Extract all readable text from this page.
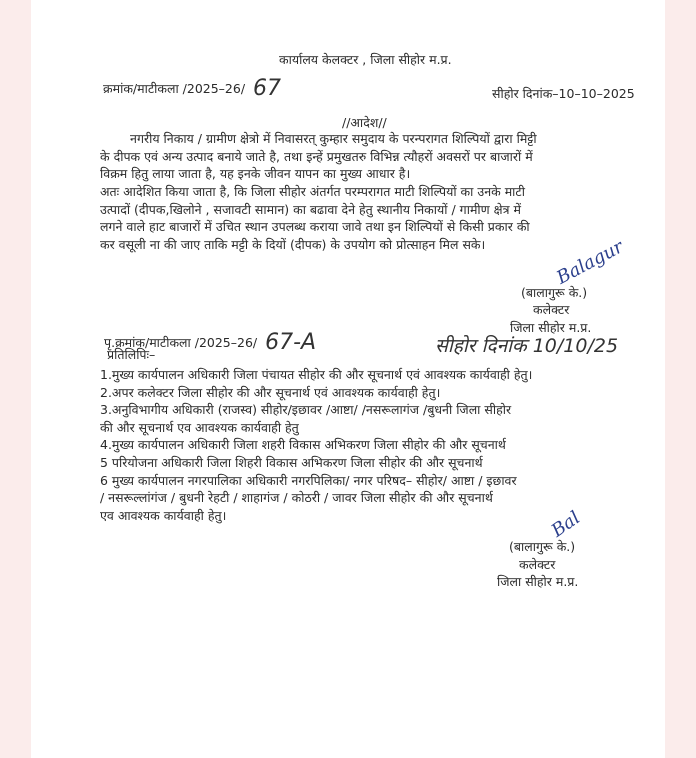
कार्यालय केलक्टर , जिला सीहोर म.प्र.
क्रमांक/माटीकला /2025–26/ 67	सीहोर दिनांक–10–10–2025
//आदेश//
नगरीय निकाय / ग्रामीण क्षेत्रो में निवासरत् कुम्हार समुदाय के परन्परागत शिल्पियों द्वारा मिट्टी
के दीपक एवं अन्य उत्पाद बनाये जाते है, तथा इन्हें प्रमुखतरु विभिन्न त्यौहरों अवसरों पर बाजारों में
विक्रम हितु लाया जाता है, यह इनके जीवन यापन का मुख्य आधार है।
अतः आदेशित किया जाता है, कि जिला सीहोर अंतर्गत परम्परागत माटी शिल्पियों का उनके माटी
उत्पादों (दीपक,खिलोने , सजावटी सामान) का बढावा देने हेतु स्थानीय निकायों / गामीण क्षेत्र में
लगने वाले हाट बाजारों में उचित स्थान उपलब्ध कराया जावे तथा इन शिल्पियों से किसी प्रकार की
कर वसूली ना की जाए ताकि मट्टी के दियों (दीपक) के उपयोग को प्रोत्साहन मिल सके।	Balagur
(बालागुरू के.)
कलेक्टर
जिला सीहोर म.प्र.
पृ.क्रमांक/माटीकला /2025–26/ 67-A	सीहोर दिनांक 10/10/25
प्रतिलिपिः–
1.मुख्य कार्यपालन अधिकारी जिला पंचायत सीहोर की और सूचनार्थ एवं आवश्यक कार्यवाही हेतु।
2.अपर कलेक्टर जिला सीहोर की और सूचनार्थ एवं आवश्यक कार्यवाही हेतु।
3.अनुविभागीय अधिकारी (राजस्व) सीहोर/इछावर /आष्टा/ /नसरूलागंज /बुधनी जिला सीहोर
की और सूचनार्थ एव आवश्यक कार्यवाही हेतु
4.मुख्य कार्यपालन अधिकारी जिला शहरी विकास अभिकरण जिला सीहोर की और सूचनार्थ
5 परियोजना अधिकारी जिला शिहरी विकास अभिकरण जिला सीहोर की और सूचनार्थ
6 मुख्य कार्यपालन नगरपालिका अधिकारी नगरपिलिका/ नगर परिषद– सीहोर/ आष्टा / इछावर
/ नसरूल्लांगंज / बुधनी रेहटी / शाहागंज / कोठरी / जावर जिला सीहोर की और सूचनार्थ
एव आवश्यक कार्यवाही हेतु।	Bal
(बालागुरू के.)
कलेक्टर
जिला सीहोर म.प्र.
